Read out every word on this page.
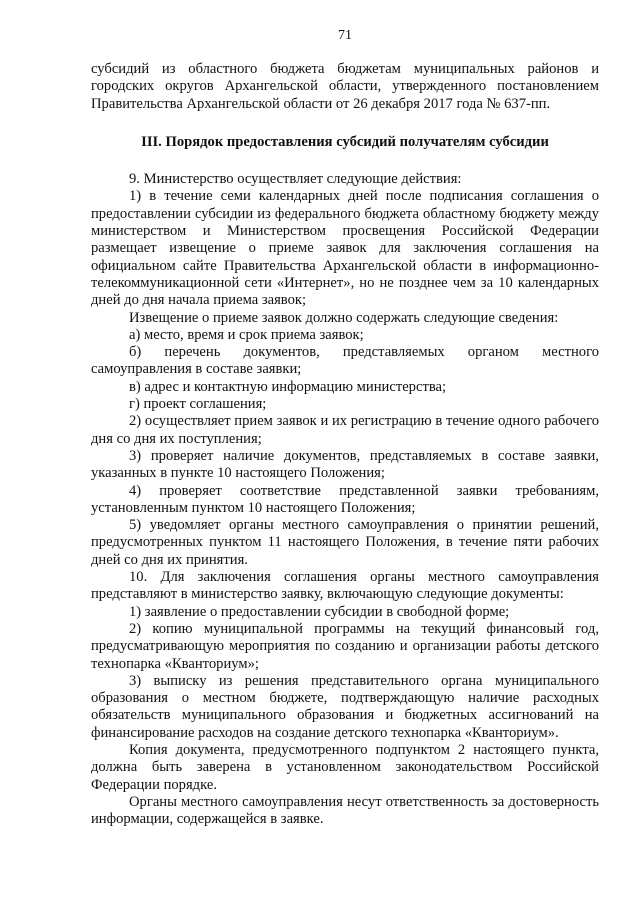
71

субсидий из областного бюджета бюджетам муниципальных районов и городских округов Архангельской области, утвержденного постановлением Правительства Архангельской области от 26 декабря 2017 года № 637-пп.

III. Порядок предоставления субсидий получателям субсидии

9. Министерство осуществляет следующие действия:

1) в течение семи календарных дней после подписания соглашения о предоставлении субсидии из федерального бюджета областному бюджету между министерством и Министерством просвещения Российской Федерации размещает извещение о приеме заявок для заключения соглашения на официальном сайте Правительства Архангельской области в информационно-телекоммуникационной сети «Интернет», но не позднее чем за 10 календарных дней до дня начала приема заявок;

Извещение о приеме заявок должно содержать следующие сведения:

а) место, время и срок приема заявок;

б) перечень документов, представляемых органом местного самоуправления в составе заявки;

в) адрес и контактную информацию министерства;

г) проект соглашения;

2) осуществляет прием заявок и их регистрацию в течение одного рабочего дня со дня их поступления;

3) проверяет наличие документов, представляемых в составе заявки, указанных в пункте 10 настоящего Положения;

4) проверяет соответствие представленной заявки требованиям, установленным пунктом 10 настоящего Положения;

5) уведомляет органы местного самоуправления о принятии решений, предусмотренных пунктом 11 настоящего Положения, в течение пяти рабочих дней со дня их принятия.

10. Для заключения соглашения органы местного самоуправления представляют в министерство заявку, включающую следующие документы:

1) заявление о предоставлении субсидии в свободной форме;

2) копию муниципальной программы на текущий финансовый год, предусматривающую мероприятия по созданию и организации работы детского технопарка «Кванториум»;

3) выписку из решения представительного органа муниципального образования о местном бюджете, подтверждающую наличие расходных обязательств муниципального образования и бюджетных ассигнований на финансирование расходов на создание детского технопарка «Кванториум».

Копия документа, предусмотренного подпунктом 2 настоящего пункта, должна быть заверена в установленном законодательством Российской Федерации порядке.

Органы местного самоуправления несут ответственность за достоверность информации, содержащейся в заявке.
